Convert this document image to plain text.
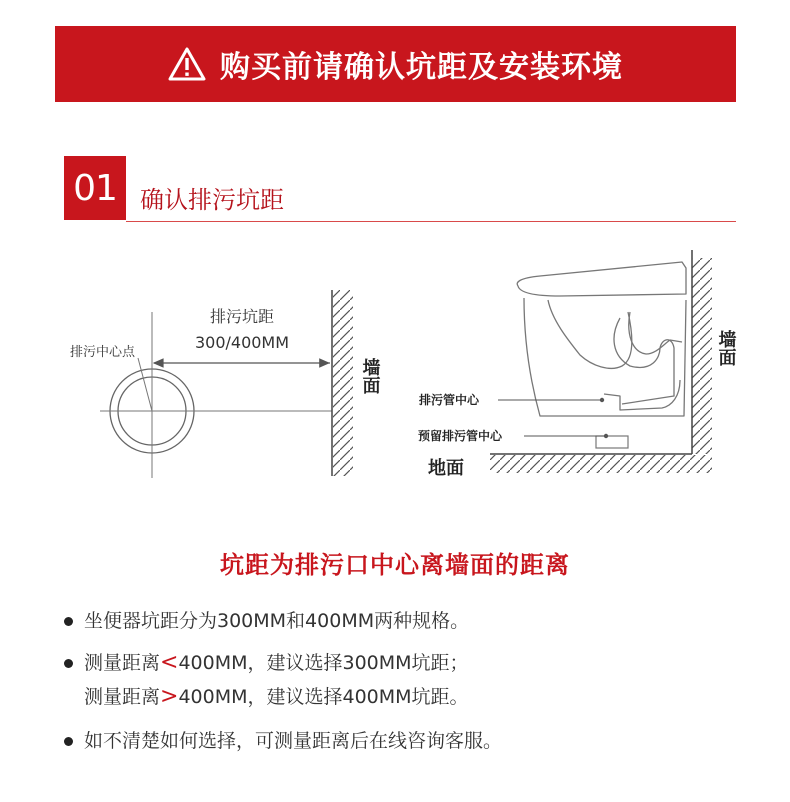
购买前请确认坑距及安装环境
01 确认排污坑距
排污中心点
排污坑距
300/400MM
墙面
排污管中心
预留排污管中心
地面
墙面
坑距为排污口中心离墙面的距离
坐便器坑距分为300MM和400MM两种规格。
测量距离<400MM，建议选择300MM坑距；
测量距离>400MM，建议选择400MM坑距。
如不清楚如何选择，可测量距离后在线咨询客服。
